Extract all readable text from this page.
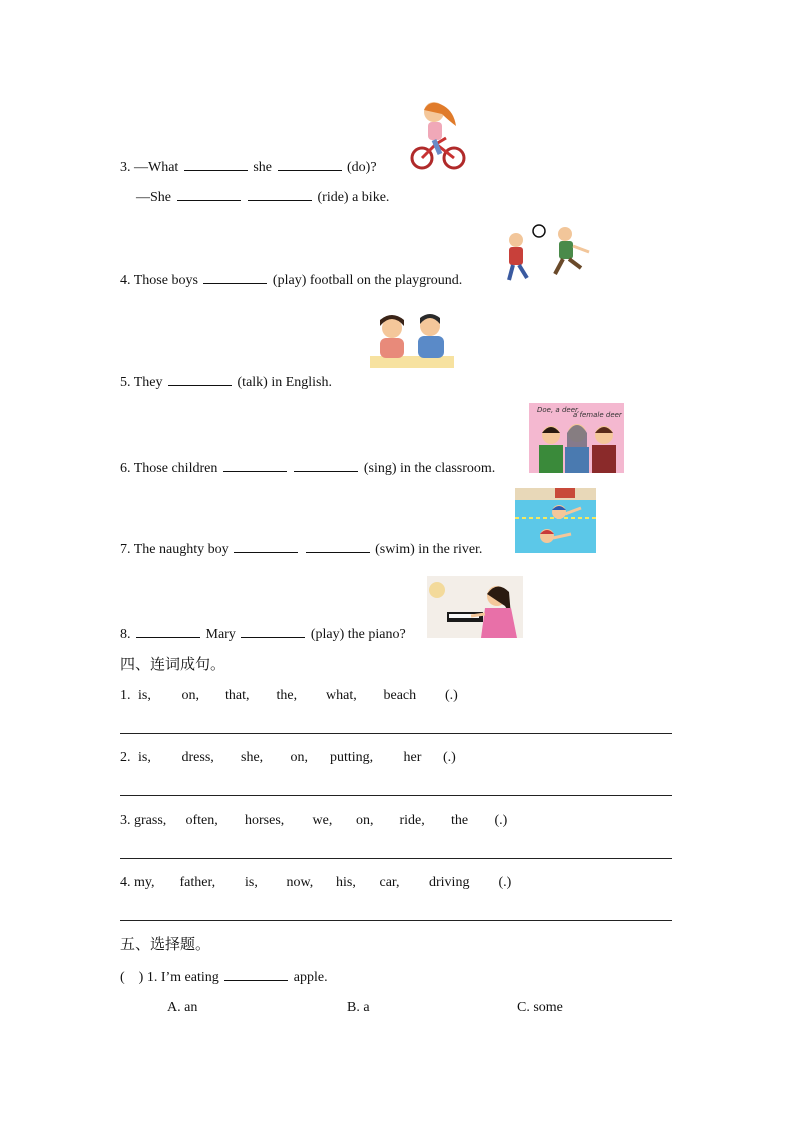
3. —What	she	(do)?
—She	(ride) a bike.
4. Those boys	(play) football on the playground.
5. They	(talk) in English.
Doe, a deer,
a female deer
6. Those children	(sing) in the classroom.
7. The naughty boy	(swim) in the river.
8.	Mary	(play) the piano?
四、连词成句。
1. is, on, that, the, what, beach (.)
2. is, dress, she, on, putting, her (.)
3. grass, often, horses, we, on, ride, the (.)
4. my, father, is, now, his, car, driving (.)
五、选择题。
(    ) 1. I’m eating	apple.
A. an	B. a	C. some
